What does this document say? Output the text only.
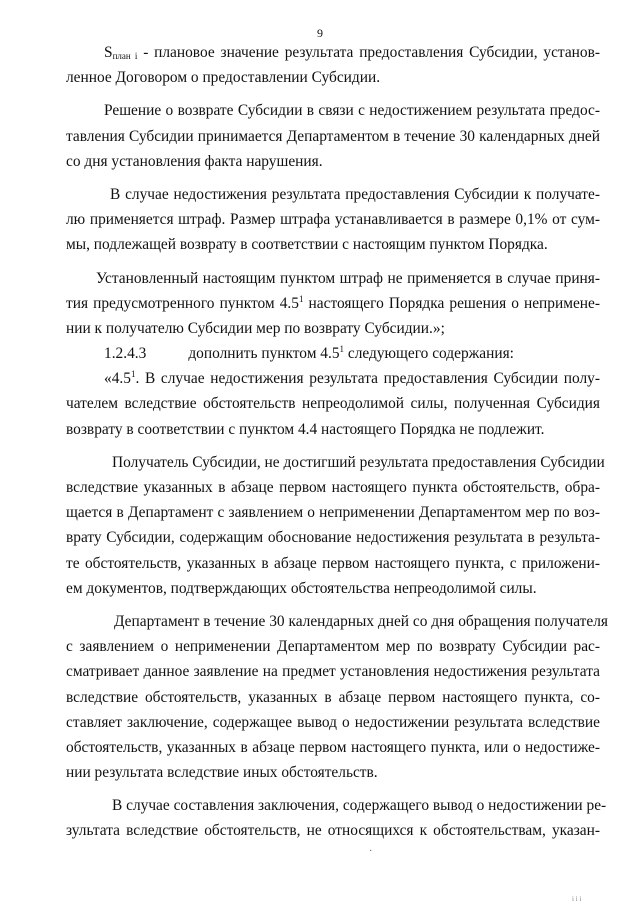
9
$S_{план i}$ - плановое значение результата предоставления Субсидии, установ-
ленное Договором о предоставлении Субсидии.
Решение о возврате Субсидии в связи с недостижением результата предос-
тавления Субсидии принимается Департаментом в течение 30 календарных дней
со дня установления факта нарушения.
В случае недостижения результата предоставления Субсидии к получате-
лю применяется штраф. Размер штрафа устанавливается в размере 0,1% от сум-
мы, подлежащей возврату в соответствии с настоящим пунктом Порядка.
Установленный настоящим пунктом штраф не применяется в случае приня-
тия предусмотренного пунктом $4.5^1$ настоящего Порядка решения о непримене-
нии к получателю Субсидии мер по возврату Субсидии.»;
1.2.4.3	дополнить пунктом $4.5^1$ следующего содержания:
«$4.5^1$. В случае недостижения результата предоставления Субсидии полу-
чателем вследствие обстоятельств непреодолимой силы, полученная Субсидия
возврату в соответствии с пунктом 4.4 настоящего Порядка не подлежит.
Получатель Субсидии, не достигший результата предоставления Субсидии
вследствие указанных в абзаце первом настоящего пункта обстоятельств, обра-
щается в Департамент с заявлением о неприменении Департаментом мер по воз-
врату Субсидии, содержащим обоснование недостижения результата в результа-
те обстоятельств, указанных в абзаце первом настоящего пункта, с приложени-
ем документов, подтверждающих обстоятельства непреодолимой силы.
Департамент в течение 30 календарных дней со дня обращения получателя
с заявлением о неприменении Департаментом мер по возврату Субсидии рас-
сматривает данное заявление на предмет установления недостижения результата
вследствие обстоятельств, указанных в абзаце первом настоящего пункта, со-
ставляет заключение, содержащее вывод о недостижении результата вследствие
обстоятельств, указанных в абзаце первом настоящего пункта, или о недостиже-
нии результата вследствие иных обстоятельств.
В случае составления заключения, содержащего вывод о недостижении ре-
зультата вследствие обстоятельств, не относящихся к обстоятельствам, указан-
·
і і і
